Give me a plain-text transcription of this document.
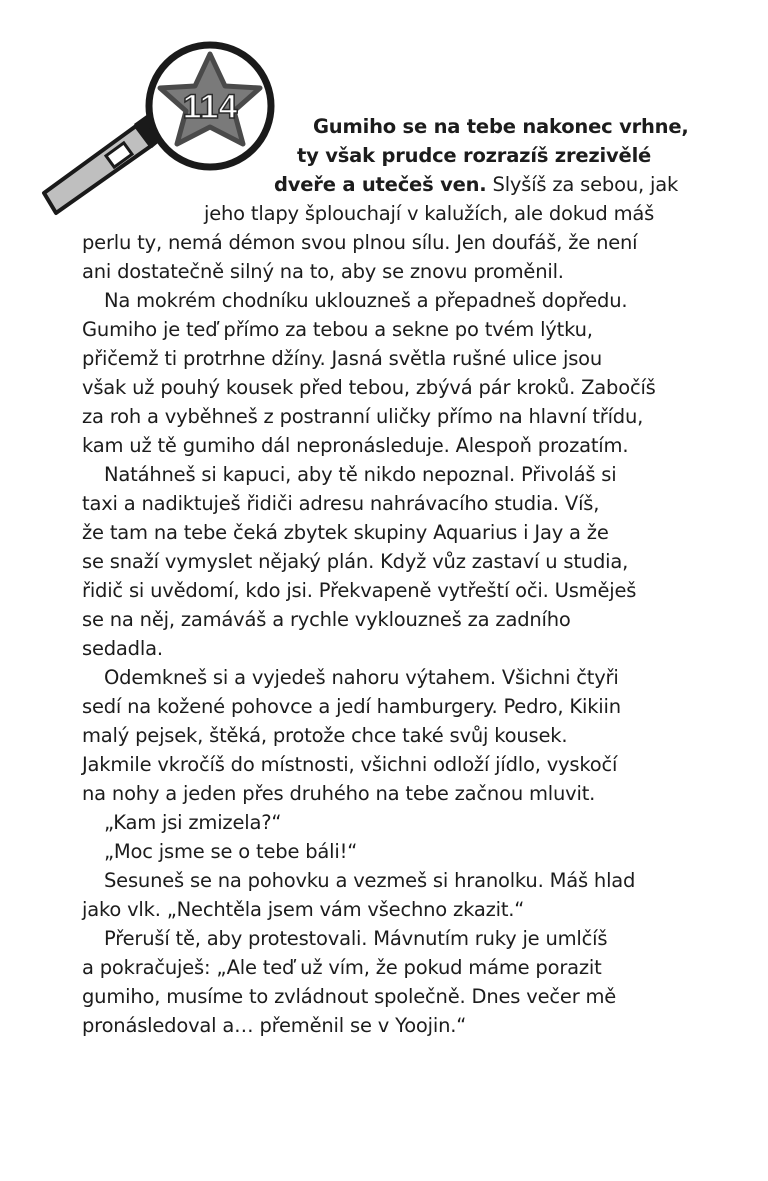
114
Gumiho se na tebe nakonec vrhne,
ty však prudce rozrazíš zrezivělé
dveře a utečeš ven. Slyšíš za sebou, jak
jeho tlapy šplouchají v kalužích, ale dokud máš
perlu ty, nemá démon svou plnou sílu. Jen doufáš, že není
ani dostatečně silný na to, aby se znovu proměnil.
Na mokrém chodníku uklouzneš a přepadneš dopředu.
Gumiho je teď přímo za tebou a sekne po tvém lýtku,
přičemž ti protrhne džíny. Jasná světla rušné ulice jsou
však už pouhý kousek před tebou, zbývá pár kroků. Zabočíš
za roh a vyběhneš z postranní uličky přímo na hlavní třídu,
kam už tě gumiho dál nepronásleduje. Alespoň prozatím.
Natáhneš si kapuci, aby tě nikdo nepoznal. Přivoláš si
taxi a nadiktuješ řidiči adresu nahrávacího studia. Víš,
že tam na tebe čeká zbytek skupiny Aquarius i Jay a že
se snaží vymyslet nějaký plán. Když vůz zastaví u studia,
řidič si uvědomí, kdo jsi. Překvapeně vytřeští oči. Usměješ
se na něj, zamáváš a rychle vyklouzneš za zadního
sedadla.
Odemkneš si a vyjedeš nahoru výtahem. Všichni čtyři
sedí na kožené pohovce a jedí hamburgery. Pedro, Kikiin
malý pejsek, štěká, protože chce také svůj kousek.
Jakmile vkročíš do místnosti, všichni odloží jídlo, vyskočí
na nohy a jeden přes druhého na tebe začnou mluvit.
„Kam jsi zmizela?“
„Moc jsme se o tebe báli!“
Sesuneš se na pohovku a vezmeš si hranolku. Máš hlad
jako vlk. „Nechtěla jsem vám všechno zkazit.“
Přeruší tě, aby protestovali. Mávnutím ruky je umlčíš
a pokračuješ: „Ale teď už vím, že pokud máme porazit
gumiho, musíme to zvládnout společně. Dnes večer mě
pronásledoval a… přeměnil se v Yoojin.“
